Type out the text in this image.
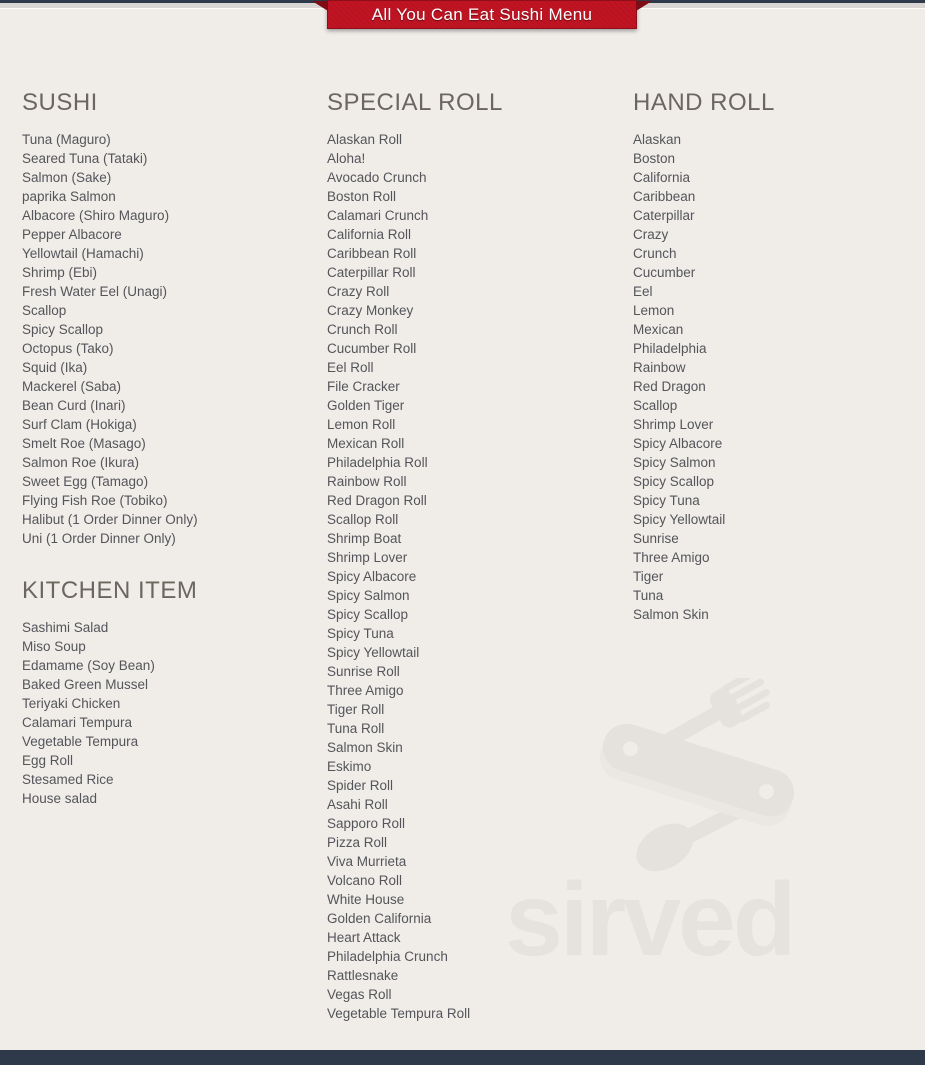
All You Can Eat Sushi Menu
SUSHI
Tuna (Maguro)
Seared Tuna (Tataki)
Salmon (Sake)
paprika Salmon
Albacore (Shiro Maguro)
Pepper Albacore
Yellowtail (Hamachi)
Shrimp (Ebi)
Fresh Water Eel (Unagi)
Scallop
Spicy Scallop
Octopus (Tako)
Squid (Ika)
Mackerel (Saba)
Bean Curd (Inari)
Surf Clam (Hokiga)
Smelt Roe (Masago)
Salmon Roe (Ikura)
Sweet Egg (Tamago)
Flying Fish Roe (Tobiko)
Halibut (1 Order Dinner Only)
Uni (1 Order Dinner Only)
KITCHEN ITEM
Sashimi Salad
Miso Soup
Edamame (Soy Bean)
Baked Green Mussel
Teriyaki Chicken
Calamari Tempura
Vegetable Tempura
Egg Roll
Stesamed Rice
House salad
SPECIAL ROLL
Alaskan Roll
Aloha!
Avocado Crunch
Boston Roll
Calamari Crunch
California Roll
Caribbean Roll
Caterpillar Roll
Crazy Roll
Crazy Monkey
Crunch Roll
Cucumber Roll
Eel Roll
File Cracker
Golden Tiger
Lemon Roll
Mexican Roll
Philadelphia Roll
Rainbow Roll
Red Dragon Roll
Scallop Roll
Shrimp Boat
Shrimp Lover
Spicy Albacore
Spicy Salmon
Spicy Scallop
Spicy Tuna
Spicy Yellowtail
Sunrise Roll
Three Amigo
Tiger Roll
Tuna Roll
Salmon Skin
Eskimo
Spider Roll
Asahi Roll
Sapporo Roll
Pizza Roll
Viva Murrieta
Volcano Roll
White House
Golden California
Heart Attack
Philadelphia Crunch
Rattlesnake
Vegas Roll
Vegetable Tempura Roll
HAND ROLL
Alaskan
Boston
California
Caribbean
Caterpillar
Crazy
Crunch
Cucumber
Eel
Lemon
Mexican
Philadelphia
Rainbow
Red Dragon
Scallop
Shrimp Lover
Spicy Albacore
Spicy Salmon
Spicy Scallop
Spicy Tuna
Spicy Yellowtail
Sunrise
Three Amigo
Tiger
Tuna
Salmon Skin
sirved
